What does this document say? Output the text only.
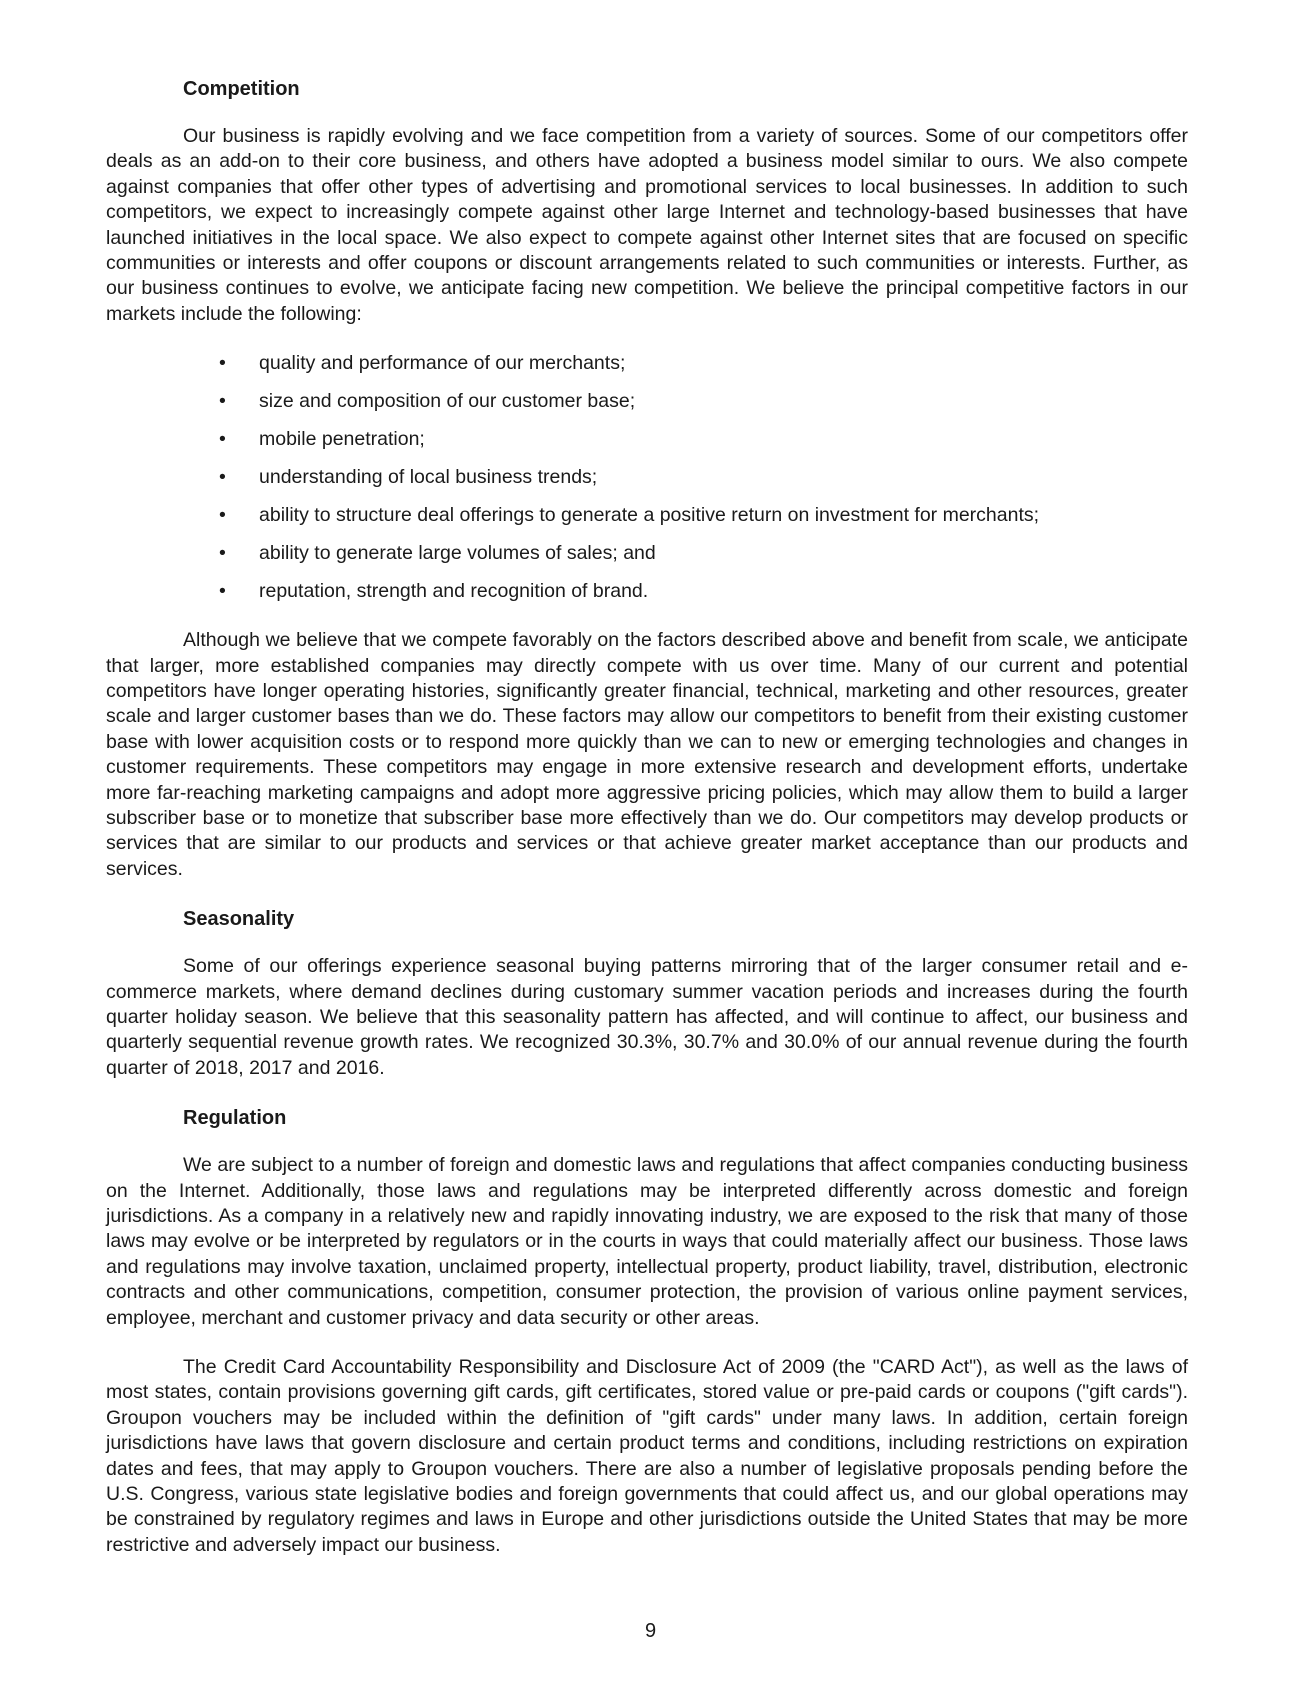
Competition

Our business is rapidly evolving and we face competition from a variety of sources. Some of our competitors offer deals as an add-on to their core business, and others have adopted a business model similar to ours. We also compete against companies that offer other types of advertising and promotional services to local businesses. In addition to such competitors, we expect to increasingly compete against other large Internet and technology-based businesses that have launched initiatives in the local space. We also expect to compete against other Internet sites that are focused on specific communities or interests and offer coupons or discount arrangements related to such communities or interests. Further, as our business continues to evolve, we anticipate facing new competition. We believe the principal competitive factors in our markets include the following:

• quality and performance of our merchants;
• size and composition of our customer base;
• mobile penetration;
• understanding of local business trends;
• ability to structure deal offerings to generate a positive return on investment for merchants;
• ability to generate large volumes of sales; and
• reputation, strength and recognition of brand.

Although we believe that we compete favorably on the factors described above and benefit from scale, we anticipate that larger, more established companies may directly compete with us over time. Many of our current and potential competitors have longer operating histories, significantly greater financial, technical, marketing and other resources, greater scale and larger customer bases than we do. These factors may allow our competitors to benefit from their existing customer base with lower acquisition costs or to respond more quickly than we can to new or emerging technologies and changes in customer requirements. These competitors may engage in more extensive research and development efforts, undertake more far-reaching marketing campaigns and adopt more aggressive pricing policies, which may allow them to build a larger subscriber base or to monetize that subscriber base more effectively than we do. Our competitors may develop products or services that are similar to our products and services or that achieve greater market acceptance than our products and services.

Seasonality

Some of our offerings experience seasonal buying patterns mirroring that of the larger consumer retail and e-commerce markets, where demand declines during customary summer vacation periods and increases during the fourth quarter holiday season. We believe that this seasonality pattern has affected, and will continue to affect, our business and quarterly sequential revenue growth rates. We recognized 30.3%, 30.7% and 30.0% of our annual revenue during the fourth quarter of 2018, 2017 and 2016.

Regulation

We are subject to a number of foreign and domestic laws and regulations that affect companies conducting business on the Internet. Additionally, those laws and regulations may be interpreted differently across domestic and foreign jurisdictions. As a company in a relatively new and rapidly innovating industry, we are exposed to the risk that many of those laws may evolve or be interpreted by regulators or in the courts in ways that could materially affect our business. Those laws and regulations may involve taxation, unclaimed property, intellectual property, product liability, travel, distribution, electronic contracts and other communications, competition, consumer protection, the provision of various online payment services, employee, merchant and customer privacy and data security or other areas.

The Credit Card Accountability Responsibility and Disclosure Act of 2009 (the "CARD Act"), as well as the laws of most states, contain provisions governing gift cards, gift certificates, stored value or pre-paid cards or coupons ("gift cards"). Groupon vouchers may be included within the definition of "gift cards" under many laws. In addition, certain foreign jurisdictions have laws that govern disclosure and certain product terms and conditions, including restrictions on expiration dates and fees, that may apply to Groupon vouchers. There are also a number of legislative proposals pending before the U.S. Congress, various state legislative bodies and foreign governments that could affect us, and our global operations may be constrained by regulatory regimes and laws in Europe and other jurisdictions outside the United States that may be more restrictive and adversely impact our business.

9
